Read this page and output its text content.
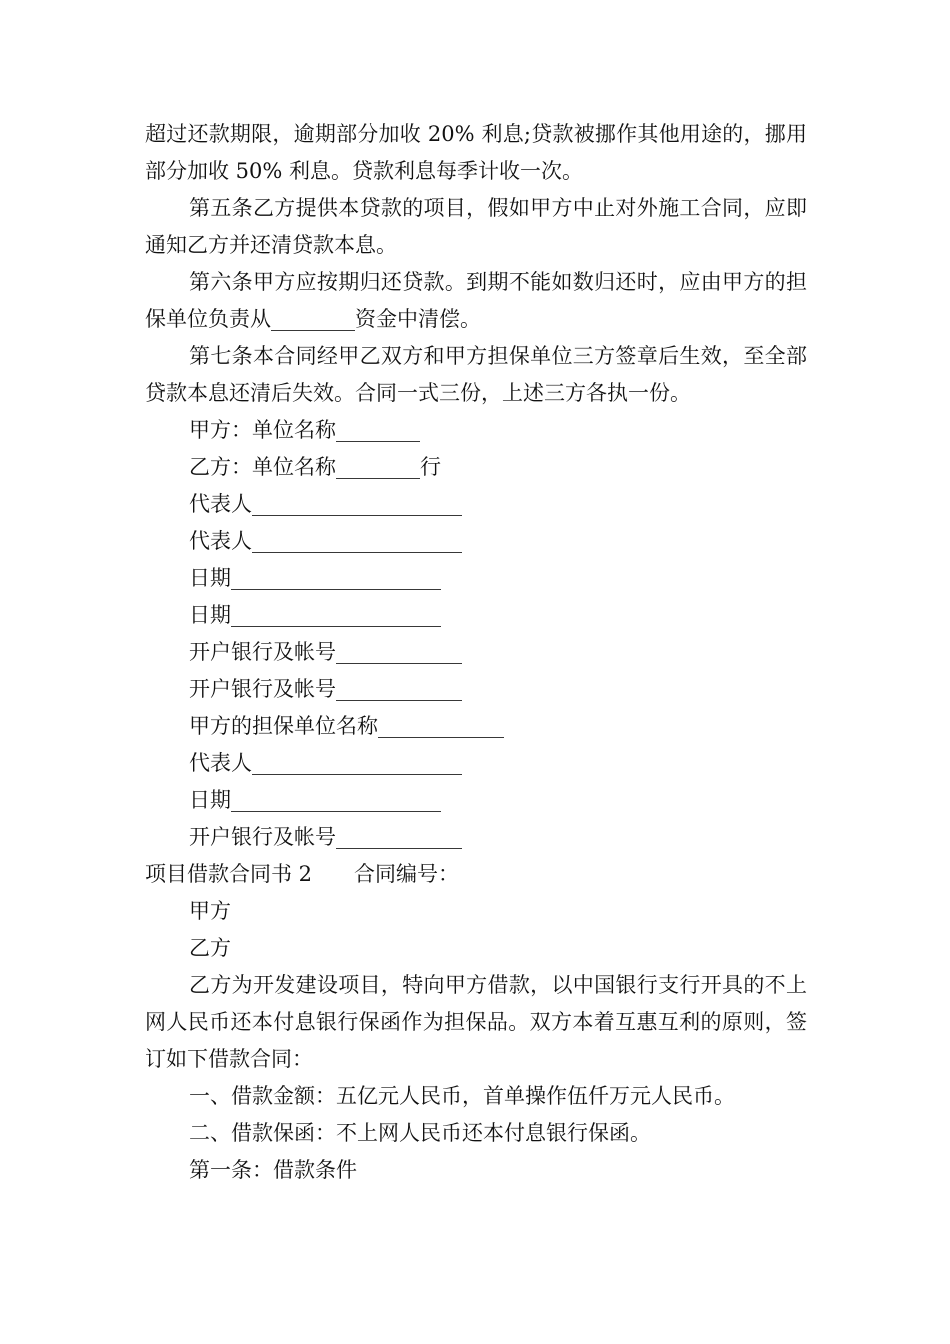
超过还款期限，逾期部分加收 20% 利息;贷款被挪作其他用途的，挪用部分加收 50% 利息。贷款利息每季计收一次。

第五条乙方提供本贷款的项目，假如甲方中止对外施工合同，应即通知乙方并还清贷款本息。

第六条甲方应按期归还贷款。到期不能如数归还时，应由甲方的担保单位负责从________资金中清偿。

第七条本合同经甲乙双方和甲方担保单位三方签章后生效，至全部贷款本息还清后失效。合同一式三份，上述三方各执一份。

甲方：单位名称________
乙方：单位名称________行
代表人____________________
代表人____________________
日期____________________
日期____________________
开户银行及帐号____________
开户银行及帐号____________
甲方的担保单位名称____________
代表人____________________
日期____________________
开户银行及帐号____________
项目借款合同书 2　　合同编号：
甲方
乙方

乙方为开发建设项目，特向甲方借款，以中国银行支行开具的不上网人民币还本付息银行保函作为担保品。双方本着互惠互利的原则，签订如下借款合同：

一、借款金额：五亿元人民币，首单操作伍仟万元人民币。

二、借款保函：不上网人民币还本付息银行保函。

第一条：借款条件
